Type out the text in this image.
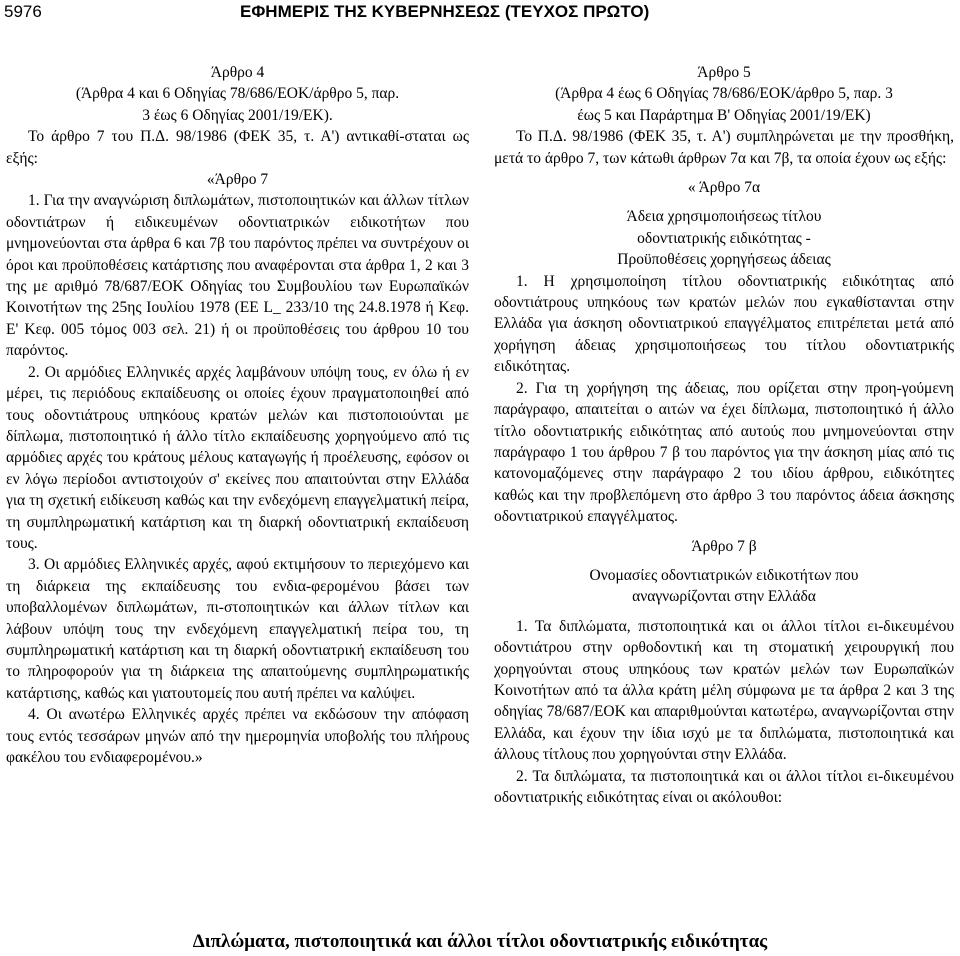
5976	ΕΦΗΜΕΡΙΣ ΤΗΣ ΚΥΒΕΡΝΗΣΕΩΣ (ΤΕΥΧΟΣ ΠΡΩΤΟ)
Άρθρο 4
(Άρθρα 4 και 6 Οδηγίας 78/686/ΕΟΚ/άρθρο 5, παρ.
3 έως 6 Οδηγίας 2001/19/ΕΚ).

Το άρθρο 7 του Π.Δ. 98/1986 (ΦΕΚ 35, τ. Α') αντικαθί-σταται ως εξής:

«Άρθρο 7

1. Για την αναγνώριση διπλωμάτων, πιστοποιητικών και άλλων τίτλων οδοντιάτρων ή ειδικευμένων οδοντιατρικών ειδικοτήτων που μνημονεύονται στα άρθρα 6 και 7β του παρόντος πρέπει να συντρέχουν οι όροι και προϋποθέσεις κατάρτισης που αναφέρονται στα άρθρα 1, 2 και 3 της με αριθμό 78/687/ΕΟΚ Οδηγίας του Συμβουλίου των Ευρωπαϊκών Κοινοτήτων της 25ης Ιουλίου 1978 (ΕΕ L_ 233/10 της 24.8.1978 ή Κεφ. Ε' Κεφ. 005 τόμος 003 σελ. 21) ή οι προϋποθέσεις του άρθρου 10 του παρόντος.

2. Οι αρμόδιες Ελληνικές αρχές λαμβάνουν υπόψη τους, εν όλω ή εν μέρει, τις περιόδους εκπαίδευσης οι οποίες έχουν πραγματοποιηθεί από τους οδοντιάτρους υπηκόους κρατών μελών και πιστοποιούνται με δίπλωμα, πιστοποιητικό ή άλλο τίτλο εκπαίδευσης χορηγούμενο από τις αρμόδιες αρχές του κράτους μέλους καταγωγής ή προέλευσης, εφόσον οι εν λόγω περίοδοι αντιστοιχούν σ' εκείνες που απαιτούνται στην Ελλάδα για τη σχετική ειδίκευση καθώς και την ενδεχόμενη επαγγελματική πείρα, τη συμπληρωματική κατάρτιση και τη διαρκή οδοντιατρική εκπαίδευση τους.

3. Οι αρμόδιες Ελληνικές αρχές, αφού εκτιμήσουν το περιεχόμενο και τη διάρκεια της εκπαίδευσης του ενδια-φερομένου βάσει των υποβαλλομένων διπλωμάτων, πι-στοποιητικών και άλλων τίτλων και λάβουν υπόψη τους την ενδεχόμενη επαγγελματική πείρα του, τη συμπληρωματική κατάρτιση και τη διαρκή οδοντιατρική εκπαίδευση του το πληροφορούν για τη διάρκεια της απαιτούμενης συμπληρωματικής κατάρτισης, καθώς και γιατουτομείς που αυτή πρέπει να καλύψει.

4. Οι ανωτέρω Ελληνικές αρχές πρέπει να εκδώσουν την απόφαση τους εντός τεσσάρων μηνών από την ημερομηνία υποβολής του πλήρους φακέλου του ενδιαφερομένου.»

Άρθρο 5
(Άρθρα 4 έως 6 Οδηγίας 78/686/ΕΟΚ/άρθρο 5, παρ. 3
έως 5 και Παράρτημα Β' Οδηγίας 2001/19/ΕΚ)

Το Π.Δ. 98/1986 (ΦΕΚ 35, τ. Α') συμπληρώνεται με την προσθήκη, μετά το άρθρο 7, των κάτωθι άρθρων 7α και 7β, τα οποία έχουν ως εξής:

« Άρθρο 7α
Άδεια χρησιμοποιήσεως τίτλου
οδοντιατρικής ειδικότητας -
Προϋποθέσεις χορηγήσεως άδειας

1. Η χρησιμοποίηση τίτλου οδοντιατρικής ειδικότητας από οδοντιάτρους υπηκόους των κρατών μελών που εγκαθίστανται στην Ελλάδα για άσκηση οδοντιατρικού επαγγέλματος επιτρέπεται μετά από χορήγηση άδειας χρησιμοποιήσεως του τίτλου οδοντιατρικής ειδικότητας.

2. Για τη χορήγηση της άδειας, που ορίζεται στην προη-γούμενη παράγραφο, απαιτείται ο αιτών να έχει δίπλωμα, πιστοποιητικό ή άλλο τίτλο οδοντιατρικής ειδικότητας από αυτούς που μνημονεύονται στην παράγραφο 1 του άρθρου 7 β του παρόντος για την άσκηση μίας από τις κατονομαζόμενες στην παράγραφο 2 του ιδίου άρθρου, ειδικότητες καθώς και την προβλεπόμενη στο άρθρο 3 του παρόντος άδεια άσκησης οδοντιατρικού επαγγέλματος.

Άρθρο 7 β
Ονομασίες οδοντιατρικών ειδικοτήτων που
αναγνωρίζονται στην Ελλάδα

1. Τα διπλώματα, πιστοποιητικά και οι άλλοι τίτλοι ει-δικευμένου οδοντιάτρου στην ορθοδοντική και τη στοματική χειρουργική που χορηγούνται στους υπηκόους των κρατών μελών των Ευρωπαϊκών Κοινοτήτων από τα άλλα κράτη μέλη σύμφωνα με τα άρθρα 2 και 3 της οδηγίας 78/687/ΕΟΚ και απαριθμούνται κατωτέρω, αναγνωρίζονται στην Ελλάδα, και έχουν την ίδια ισχύ με τα διπλώματα, πιστοποιητικά και άλλους τίτλους που χορηγούνται στην Ελλάδα.

2. Τα διπλώματα, τα πιστοποιητικά και οι άλλοι τίτλοι ει-δικευμένου οδοντιατρικής ειδικότητας είναι οι ακόλουθοι:

Διπλώματα, πιστοποιητικά και άλλοι τίτλοι οδοντιατρικής ειδικότητας
